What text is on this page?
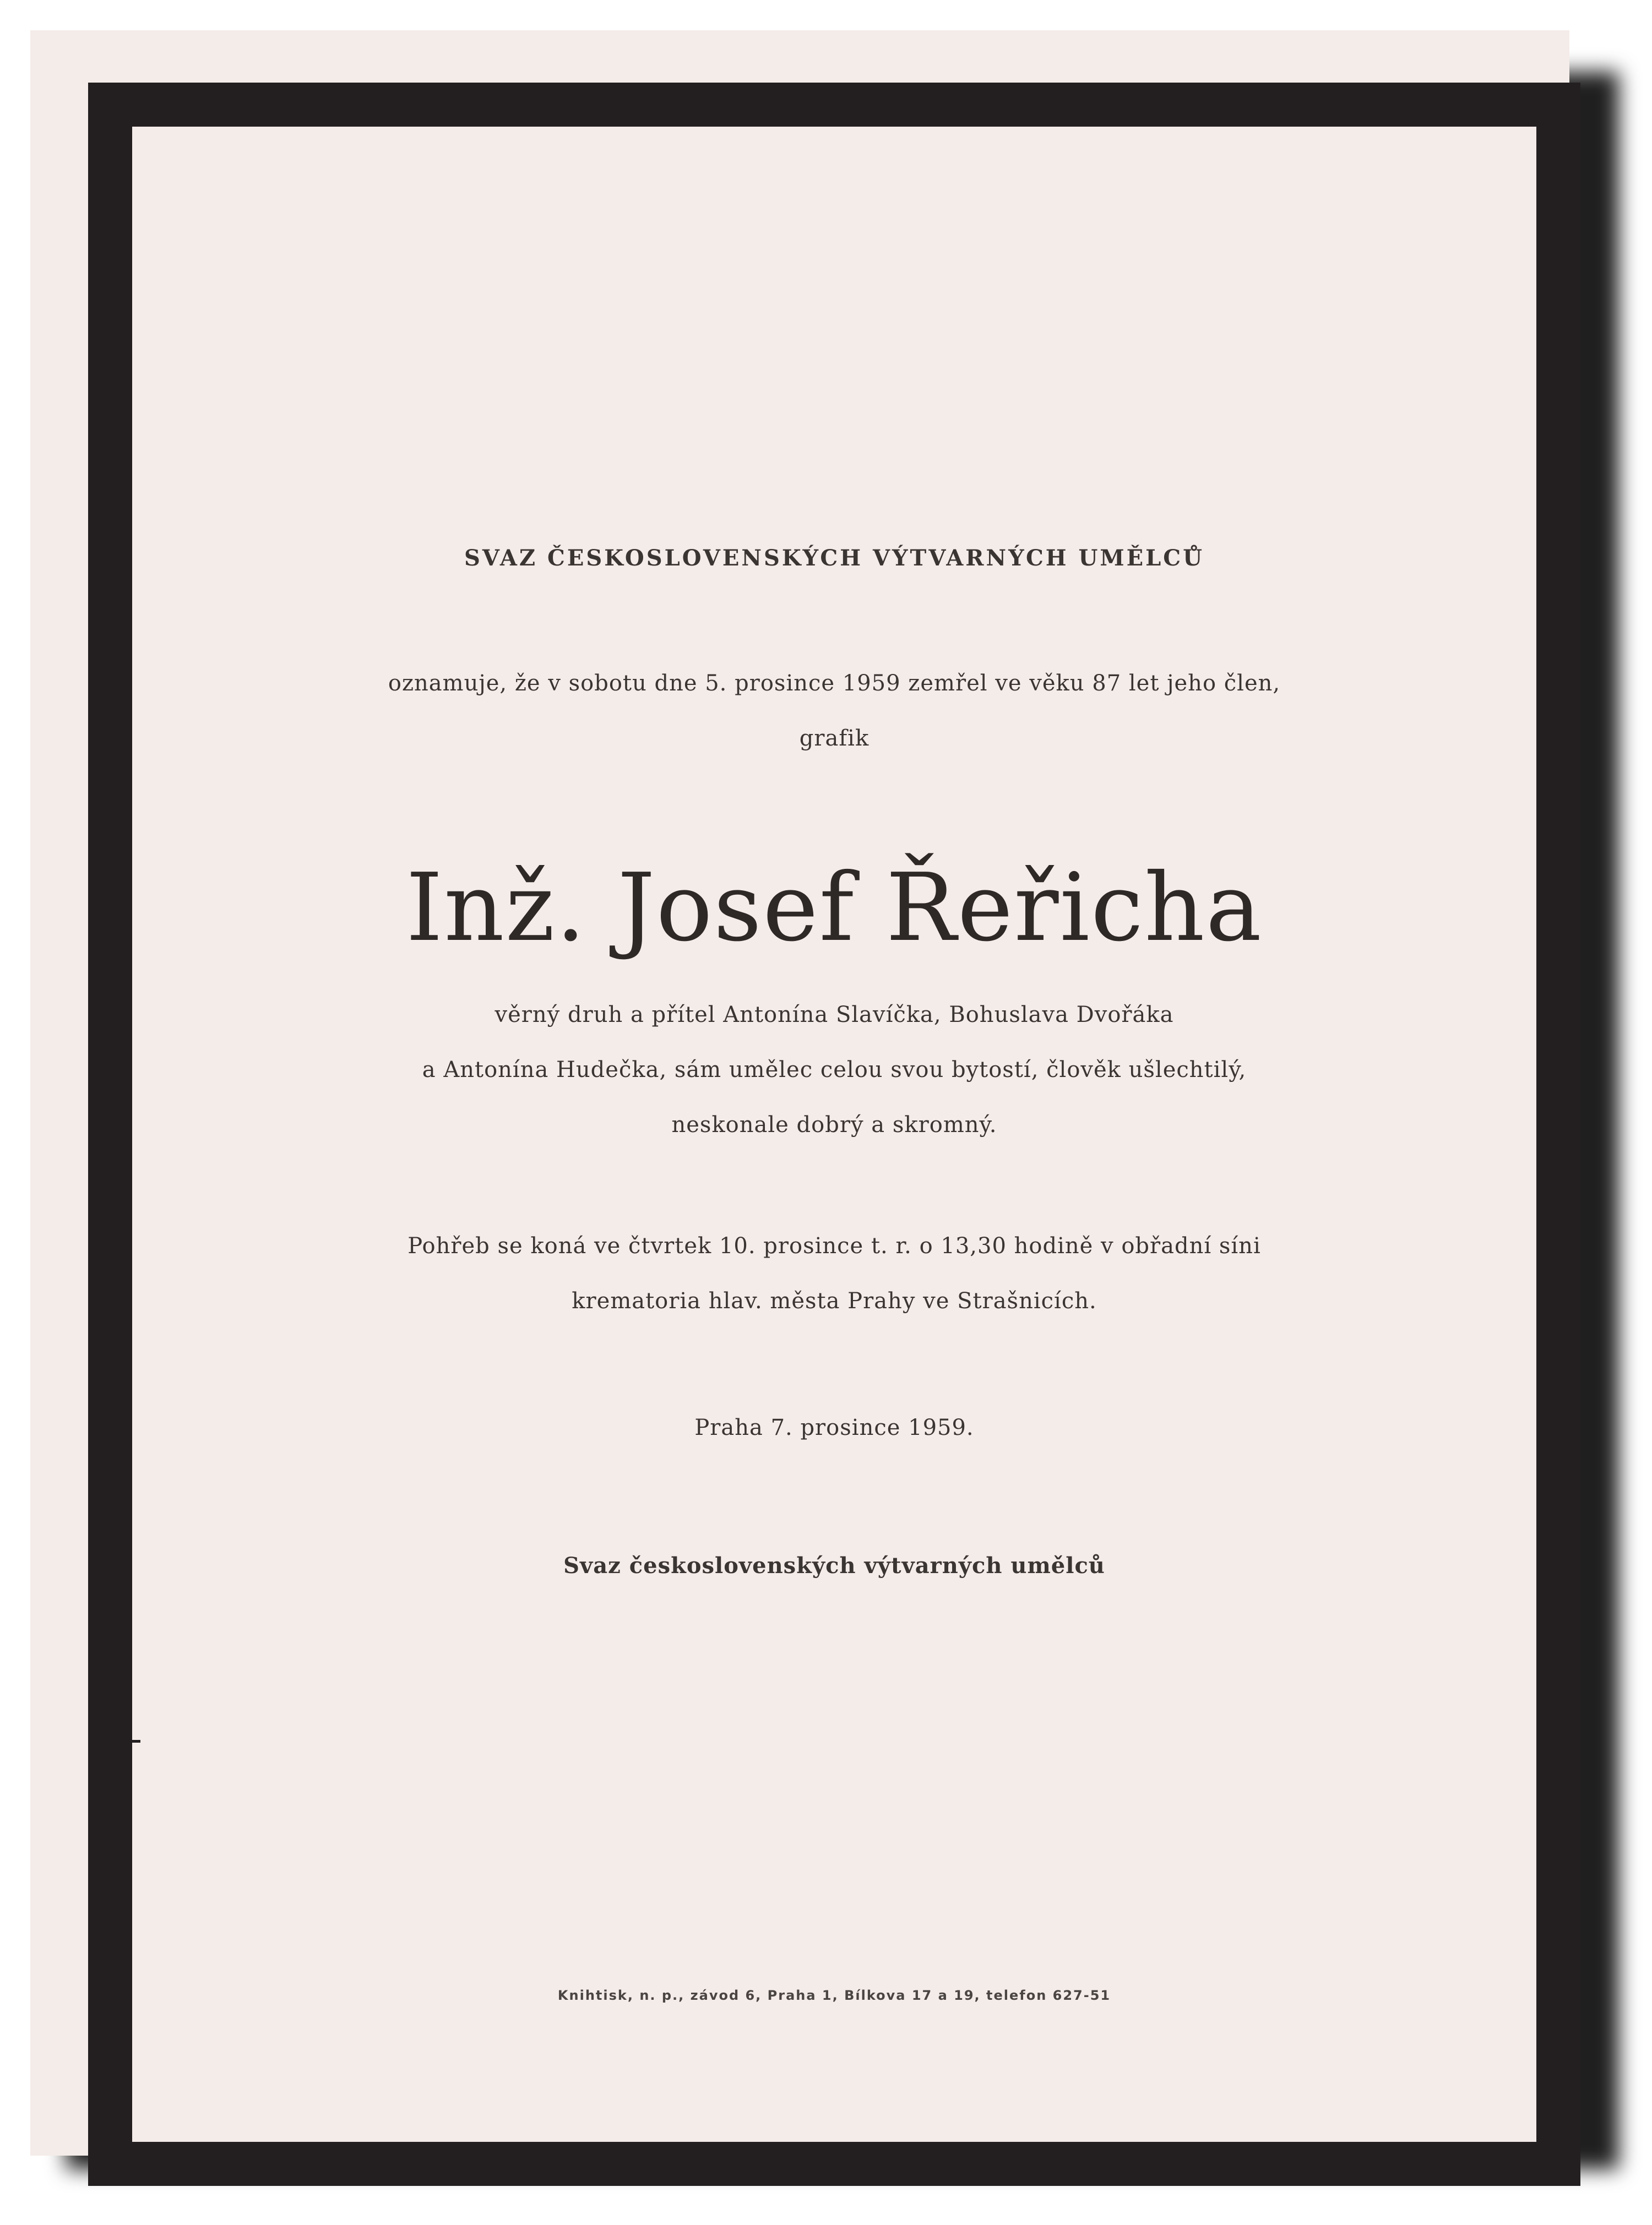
SVAZ ČESKOSLOVENSKÝCH VÝTVARNÝCH UMĚLCŮ
oznamuje, že v sobotu dne 5. prosince 1959 zemřel ve věku 87 let jeho člen,
grafik
Inž. Josef Řeřicha
věrný druh a přítel Antonína Slavíčka, Bohuslava Dvořáka
a Antonína Hudečka, sám umělec celou svou bytostí, člověk ušlechtilý,
neskonale dobrý a skromný.
Pohřeb se koná ve čtvrtek 10. prosince t. r. o 13,30 hodině v obřadní síni
krematoria hlav. města Prahy ve Strašnicích.
Praha 7. prosince 1959.
Svaz československých výtvarných umělců
Knihtisk, n. p., závod 6, Praha 1, Bílkova 17 a 19, telefon 627-51
